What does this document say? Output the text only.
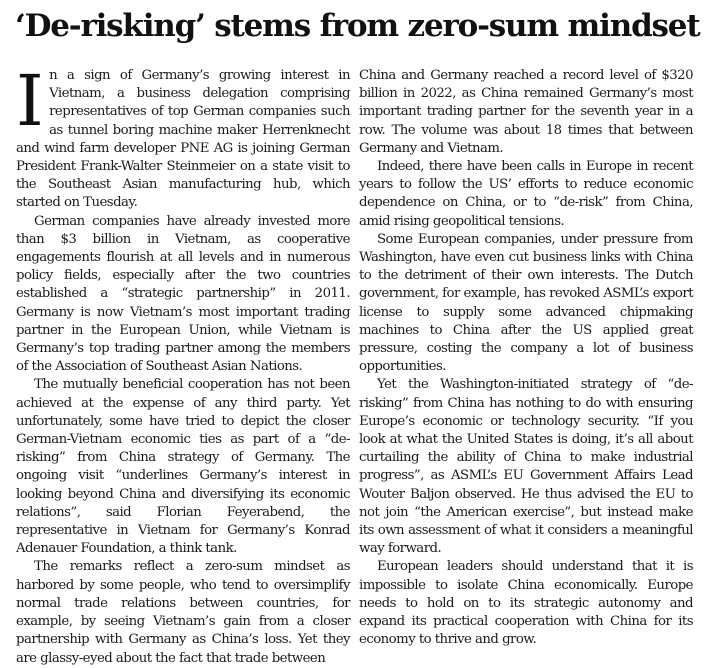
‘De-risking’ stems from zero-sum mindset

In a sign of Germany’s growing interest in Vietnam, a business delegation comprising representatives of top German companies such as tunnel boring machine maker Herrenknecht and wind farm developer PNE AG is joining German President Frank-Walter Steinmeier on a state visit to the Southeast Asian manufacturing hub, which started on Tuesday.

German companies have already invested more than $3 billion in Vietnam, as cooperative engagements flourish at all levels and in numerous policy fields, especially after the two countries established a “strategic partnership” in 2011. Germany is now Vietnam’s most important trading partner in the European Union, while Vietnam is Germany’s top trading partner among the members of the Association of Southeast Asian Nations.

The mutually beneficial cooperation has not been achieved at the expense of any third party. Yet unfortunately, some have tried to depict the closer German-Vietnam economic ties as part of a “de-risking” from China strategy of Germany. The ongoing visit “underlines Germany’s interest in looking beyond China and diversifying its economic relations”, said Florian Feyerabend, the representative in Vietnam for Germany’s Konrad Adenauer Foundation, a think tank.

The remarks reflect a zero-sum mindset as harbored by some people, who tend to oversimplify normal trade relations between countries, for example, by seeing Vietnam’s gain from a closer partnership with Germany as China’s loss. Yet they are glassy-eyed about the fact that trade between

China and Germany reached a record level of $320 billion in 2022, as China remained Germany’s most important trading partner for the seventh year in a row. The volume was about 18 times that between Germany and Vietnam.

Indeed, there have been calls in Europe in recent years to follow the US’ efforts to reduce economic dependence on China, or to “de-risk” from China, amid rising geopolitical tensions.

Some European companies, under pressure from Washington, have even cut business links with China to the detriment of their own interests. The Dutch government, for example, has revoked ASML’s export license to supply some advanced chipmaking machines to China after the US applied great pressure, costing the company a lot of business opportunities.

Yet the Washington-initiated strategy of “de-risking” from China has nothing to do with ensuring Europe’s economic or technology security. “If you look at what the United States is doing, it’s all about curtailing the ability of China to make industrial progress”, as ASML’s EU Government Affairs Lead Wouter Baljon observed. He thus advised the EU to not join “the American exercise”, but instead make its own assessment of what it considers a meaningful way forward.

European leaders should understand that it is impossible to isolate China economically. Europe needs to hold on to its strategic autonomy and expand its practical cooperation with China for its economy to thrive and grow.
